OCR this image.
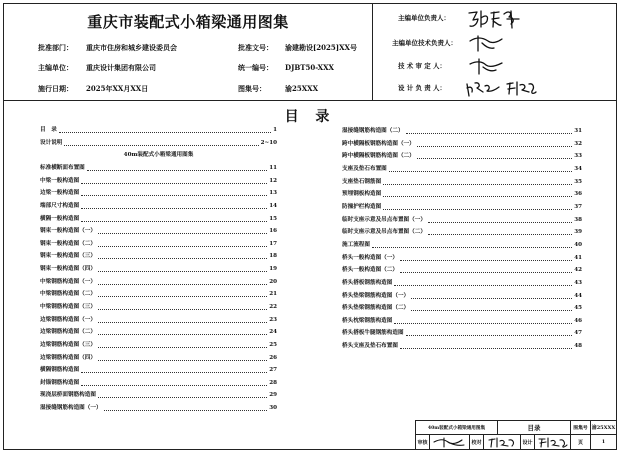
重庆市装配式小箱梁通用图集
批准部门： 重庆市住房和城乡建设委员会	批准文号： 渝建勘设[2025]XX号
主编单位： 重庆设计集团有限公司	统一编号： DJBT50-XXX
施行日期： 2025年XX月XX日	图集号：	渝25XXX
主编单位负责人：
主编单位技术负责人：
技 术 审 定 人：
设 计 负 责 人：
目 录
目　录	1
设计说明	2~10
40m装配式小箱梁通用图集
标准横断面布置图	11
中梁一般构造图	12
边梁一般构造图	13
端部尺寸构造图	14
横隔一般构造图	15
钢束一般构造图（一）	16
钢束一般构造图（二）	17
钢束一般构造图（三）	18
钢束一般构造图（四）	19
中梁钢筋构造图（一）	20
中梁钢筋构造图（二）	21
中梁钢筋构造图（三）	22
边梁钢筋构造图（一）	23
边梁钢筋构造图（二）	24
边梁钢筋构造图（三）	25
边梁钢筋构造图（四）	26
横隔钢筋构造图	27
封锚钢筋构造图	28
现浇层桥面钢筋构造图	29
湿接缝钢筋构造图（一）	30
湿接缝钢筋构造图（二）	31
跨中横隔板钢筋构造图（一）	32
跨中横隔板钢筋构造图（二）	33
支座及垫石布置图	34
支座垫石钢筋图	35
预埋钢板构造图	36
防撞护栏构造图	37
临时支座示意及吊点布置图（一）	38
临时支座示意及吊点布置图（二）	39
施工流程图	40
桥头一般构造图（一）	41
桥头一般构造图（二）	42
桥头搭板钢筋构造图	43
桥头垫梁钢筋构造图（一）	44
桥头垫梁钢筋构造图（二）	45
桥头枕梁钢筋构造图	46
桥头搭板牛腿钢筋构造图	47
桥头支座及垫石布置图	48
40m装配式小箱梁通用图集	目录	图集号 渝25XXX
审核	校对	设计	页	1
